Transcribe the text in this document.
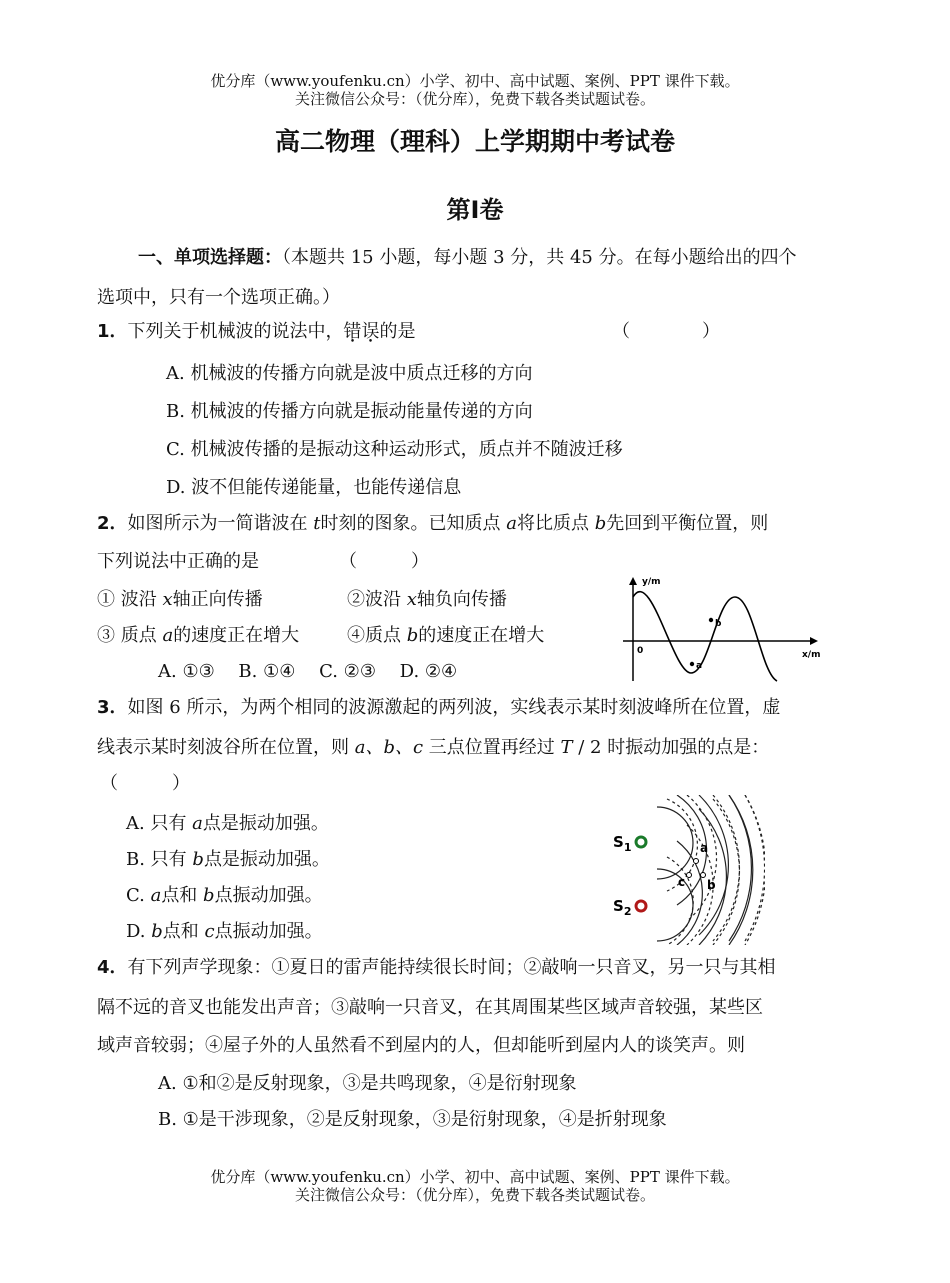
优分库（www.youfenku.cn）小学、初中、高中试题、案例、PPT 课件下载。
关注微信公众号：（优分库），免费下载各类试题试卷。
高二物理（理科）上学期期中考试卷
第I卷
一、单项选择题：（本题共 15 小题，每小题 3 分，共 45 分。在每小题给出的四个
选项中，只有一个选项正确。）
1．下列关于机械波的说法中，错误的是	（　　　　）
A. 机械波的传播方向就是波中质点迁移的方向
B. 机械波的传播方向就是振动能量传递的方向
C. 机械波传播的是振动这种运动形式，质点并不随波迁移
D. 波不但能传递能量，也能传递信息
2．如图所示为一简谐波在 t时刻的图象。已知质点 a将比质点 b先回到平衡位置，则
下列说法中正确的是	（　　　）
① 波沿 x轴正向传播	②波沿 x轴负向传播
③ 质点 a的速度正在增大	④质点 b的速度正在增大
A. ①③　 B. ①④　 C. ②③　 D. ②④
y/m
x/m
0
a
b
3．如图 6 所示，为两个相同的波源激起的两列波，实线表示某时刻波峰所在位置，虚
线表示某时刻波谷所在位置，则 a、b、c 三点位置再经过 T / 2 时振动加强的点是：
（　　　）
A. 只有 a点是振动加强。
B. 只有 b点是振动加强。
C. a点和 b点振动加强。
D. b点和 c点振动加强。
$S_1$
$S_2$
a
b
c
4．有下列声学现象：①夏日的雷声能持续很长时间；②敲响一只音叉，另一只与其相
隔不远的音叉也能发出声音；③敲响一只音叉，在其周围某些区域声音较强，某些区
域声音较弱；④屋子外的人虽然看不到屋内的人，但却能听到屋内人的谈笑声。则
A. ①和②是反射现象，③是共鸣现象，④是衍射现象
B. ①是干涉现象，②是反射现象，③是衍射现象，④是折射现象
优分库（www.youfenku.cn）小学、初中、高中试题、案例、PPT 课件下载。
关注微信公众号：（优分库），免费下载各类试题试卷。
